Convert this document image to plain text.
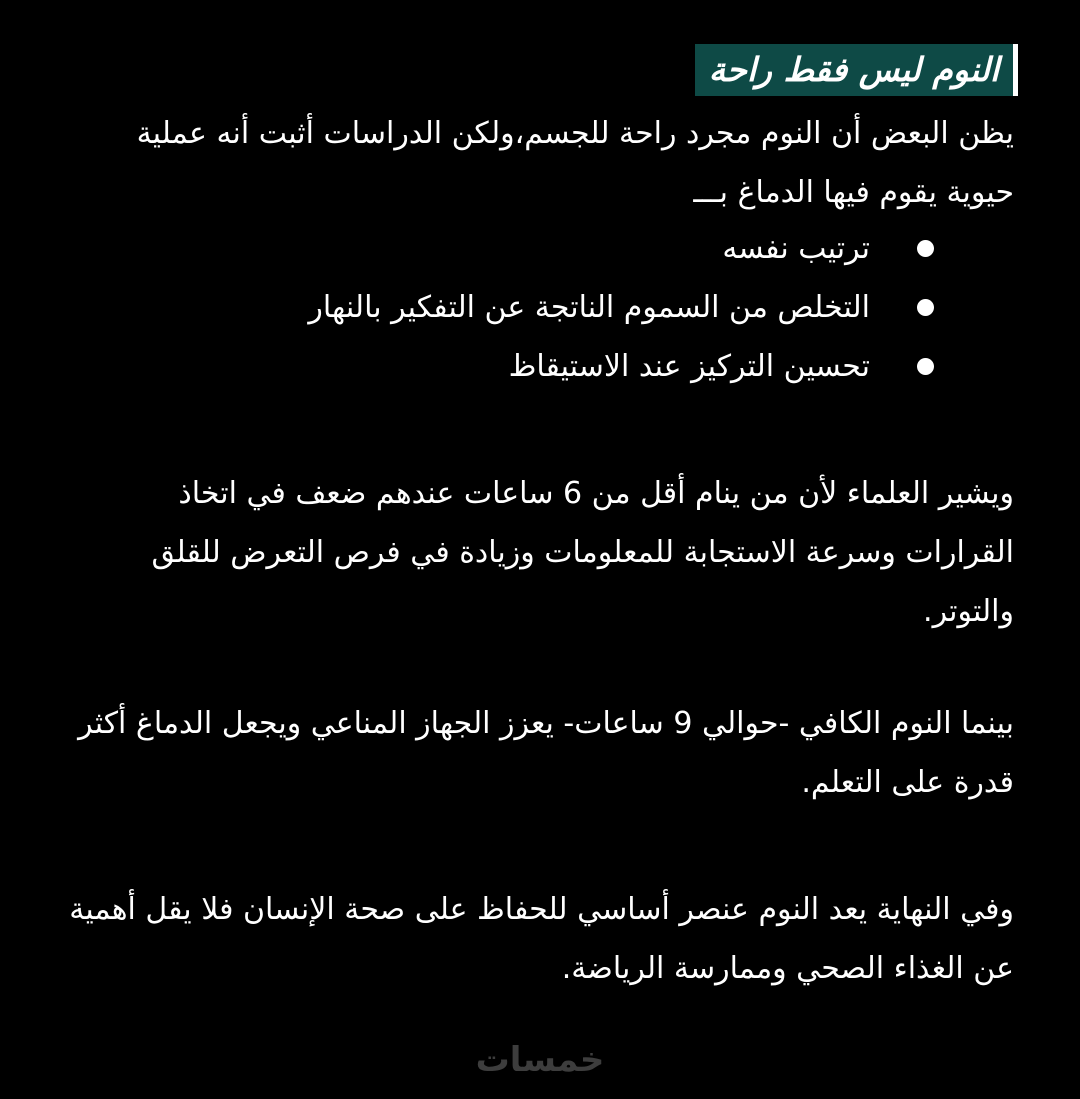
النوم ليس فقط راحة
يظن البعض أن النوم مجرد راحة للجسم،ولكن الدراسات أثبت أنه عملية حيوية يقوم فيها الدماغ بـــ
ترتيب نفسه
التخلص من السموم الناتجة عن التفكير بالنهار
تحسين التركيز عند الاستيقاظ
ويشير العلماء لأن من ينام أقل من 6 ساعات عندهم ضعف في اتخاذ القرارات وسرعة الاستجابة للمعلومات وزيادة في فرص التعرض للقلق والتوتر.
بينما النوم الكافي -حوالي 9 ساعات- يعزز الجهاز المناعي ويجعل الدماغ أكثر قدرة على التعلم.
وفي النهاية يعد النوم عنصر أساسي للحفاظ على صحة الإنسان فلا يقل أهمية عن الغذاء الصحي وممارسة الرياضة.
خمسات
